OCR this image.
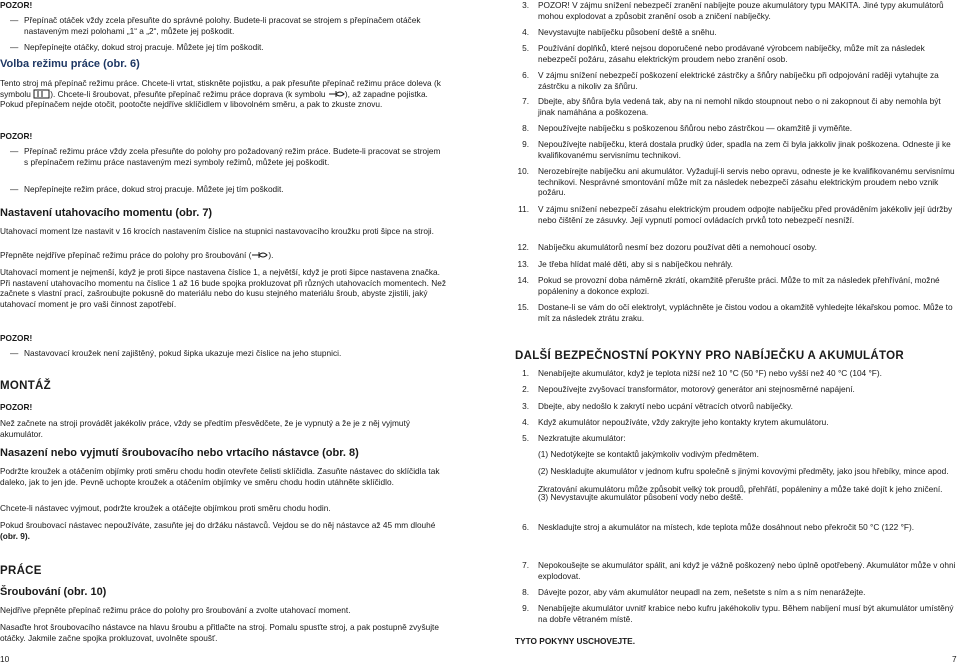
POZOR!
— Přepínač otáček vždy zcela přesuňte do správné polohy. Budete-li pracovat se strojem s přepínačem otáček nastaveným mezi polohami „1“ a „2“, můžete jej poškodit.
— Nepřepínejte otáčky, dokud stroj pracuje. Můžete jej tím poškodit.
Volba režimu práce (obr. 6)
Tento stroj má přepínač režimu práce. Chcete-li vrtat, stiskněte pojistku, a pak přesuňte přepínač režimu práce doleva (k symbolu ). Chcete-li šroubovat, přesuňte přepínač režimu práce doprava (k symbolu ), až zapadne pojistka. Pokud přepínačem nejde otočit, pootočte nejdříve sklíčidlem v libovolném směru, a pak to zkuste znovu.
POZOR!
— Přepínač režimu práce vždy zcela přesuňte do polohy pro požadovaný režim práce. Budete-li pracovat se strojem s přepínačem režimu práce nastaveným mezi symboly režimů, můžete jej poškodit.
— Nepřepínejte režim práce, dokud stroj pracuje. Můžete jej tím poškodit.
Nastavení utahovacího momentu (obr. 7)
Utahovací moment lze nastavit v 16 krocích nastavením číslice na stupnici nastavovacího kroužku proti šipce na stroji.
Přepněte nejdříve přepínač režimu práce do polohy pro šroubování ( ).
Utahovací moment je nejmenší, když je proti šipce nastavena číslice 1, a největší, když je proti šipce nastavena značka. Při nastavení utahovacího momentu na číslice 1 až 16 bude spojka prokluzovat při různých utahovacích momentech. Než začnete s vlastní prací, zašroubujte pokusně do materiálu nebo do kusu stejného materiálu šroub, abyste zjistili, jaký utahovací moment je pro vaši činnost zapotřebí.
POZOR!
— Nastavovací kroužek není zajištěný, pokud šipka ukazuje mezi číslice na jeho stupnici.
MONTÁŽ
POZOR!
Než začnete na stroji provádět jakékoliv práce, vždy se předtím přesvědčete, že je vypnutý a že je z něj vyjmutý akumulátor.
Nasazení nebo vyjmutí šroubovacího nebo vrtacího nástavce (obr. 8)
Podržte kroužek a otáčením objímky proti směru chodu hodin otevřete čelisti sklíčidla. Zasuňte nástavec do sklíčidla tak daleko, jak to jen jde. Pevně uchopte kroužek a otáčením objímky ve směru chodu hodin utáhněte sklíčidlo.
Chcete-li nástavec vyjmout, podržte kroužek a otáčejte objímkou proti směru chodu hodin.
Pokud šroubovací nástavec nepoužíváte, zasuňte jej do držáku nástavců. Vejdou se do něj nástavce až 45 mm dlouhé (obr. 9).
PRÁCE
Šroubování (obr. 10)
Nejdříve přepněte přepínač režimu práce do polohy pro šroubování a zvolte utahovací moment.
Nasaďte hrot šroubovacího nástavce na hlavu šroubu a přitlačte na stroj. Pomalu spusťte stroj, a pak postupně zvyšujte otáčky. Jakmile začne spojka prokluzovat, uvolněte spoušť.
10
3. POZOR! V zájmu snížení nebezpečí zranění nabíjejte pouze akumulátory typu MAKITA. Jiné typy akumulátorů mohou explodovat a způsobit zranění osob a zničení nabíječky.
4. Nevystavujte nabíječku působení deště a sněhu.
5. Používání doplňků, které nejsou doporučené nebo prodávané výrobcem nabíječky, může mít za následek nebezpečí požáru, zásahu elektrickým proudem nebo zranění osob.
6. V zájmu snížení nebezpečí poškození elektrické zástrčky a šňůry nabíječku při odpojování raději vytahujte za zástrčku a nikoliv za šňůru.
7. Dbejte, aby šňůra byla vedená tak, aby na ni nemohl nikdo stoupnout nebo o ni zakopnout či aby nemohla být jinak namáhána a poškozena.
8. Nepoužívejte nabíječku s poškozenou šňůrou nebo zástrčkou — okamžitě ji vyměňte.
9. Nepoužívejte nabíječku, která dostala prudký úder, spadla na zem či byla jakkoliv jinak poškozena. Odneste ji ke kvalifikovanému servisnímu technikovi.
10. Nerozebírejte nabíječku ani akumulátor. Vyžadují-li servis nebo opravu, odneste je ke kvalifikovanému servisnímu technikovi. Nesprávné smontování může mít za následek nebezpečí zásahu elektrickým proudem nebo vznik požáru.
11. V zájmu snížení nebezpečí zásahu elektrickým proudem odpojte nabíječku před prováděním jakékoliv její údržby nebo čištění ze zásuvky. Její vypnutí pomocí ovládacích prvků toto nebezpečí nesníží.
12. Nabíječku akumulátorů nesmí bez dozoru používat děti a nemohoucí osoby.
13. Je třeba hlídat malé děti, aby si s nabíječkou nehrály.
14. Pokud se provozní doba náměrně zkrátí, okamžitě přerušte práci. Může to mít za následek přehřívání, možné popáleniny a dokonce explozi.
15. Dostane-li se vám do očí elektrolyt, vypláchněte je čistou vodou a okamžitě vyhledejte lékařskou pomoc. Může to mít za následek ztrátu zraku.
DALŠÍ BEZPEČNOSTNÍ POKYNY PRO NABÍJEČKU A AKUMULÁTOR
1. Nenabíjejte akumulátor, když je teplota nižší než 10 °C (50 °F) nebo vyšší než 40 °C (104 °F).
2. Nepoužívejte zvyšovací transformátor, motorový generátor ani stejnosměrné napájení.
3. Dbejte, aby nedošlo k zakrytí nebo ucpání větracích otvorů nabíječky.
4. Když akumulátor nepoužíváte, vždy zakryjte jeho kontakty krytem akumulátoru.
5. Nezkratujte akumulátor:
(1) Nedotýkejte se kontaktů jakýmkoliv vodivým předmětem.
(2) Neskladujte akumulátor v jednom kufru společně s jinými kovovými předměty, jako jsou hřebíky, mince apod.
(3) Nevystavujte akumulátor působení vody nebo deště.
Zkratování akumulátoru může způsobit velký tok proudů, přehřátí, popáleniny a může také dojít k jeho zničení.
6. Neskladujte stroj a akumulátor na místech, kde teplota může dosáhnout nebo překročit 50 °C (122 °F).
7. Nepokoušejte se akumulátor spálit, ani když je vážně poškozený nebo úplně opotřebený. Akumulátor může v ohni explodovat.
8. Dávejte pozor, aby vám akumulátor neupadl na zem, nešetste s ním a s ním nenarážejte.
9. Nenabíjejte akumulátor uvnitř krabice nebo kufru jakéhokoliv typu. Během nabíjení musí být akumulátor umístěný na dobře větraném místě.
TYTO POKYNY USCHOVEJTE.
7
